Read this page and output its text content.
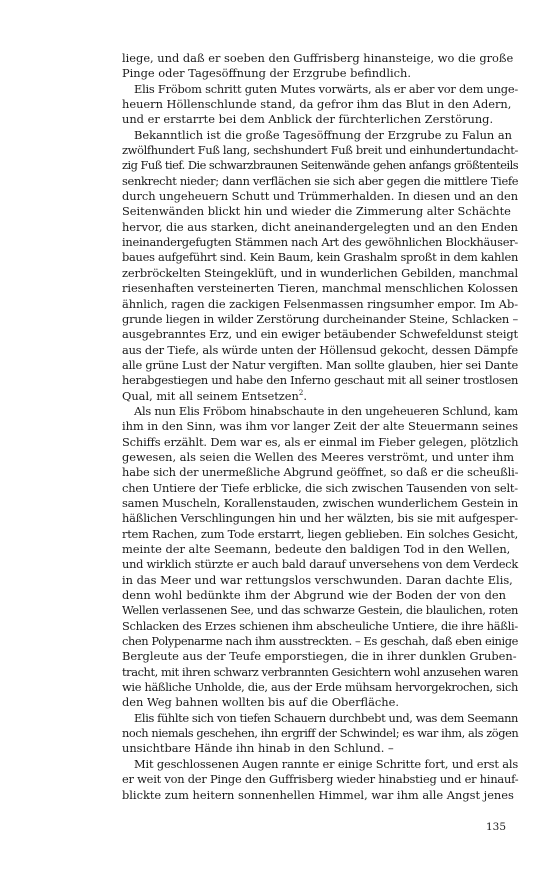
liege, und daß er soeben den Guffrisberg hinansteige, wo die große
Pinge oder Tagesöffnung der Erzgrube befindlich.
Elis Fröbom schritt guten Mutes vorwärts, als er aber vor dem unge-
heuern Höllenschlunde stand, da gefror ihm das Blut in den Adern,
und er erstarrte bei dem Anblick der fürchterlichen Zerstörung.
Bekanntlich ist die große Tagesöffnung der Erzgrube zu Falun an
zwölfhundert Fuß lang, sechshundert Fuß breit und einhundertundacht-
zig Fuß tief. Die schwarzbraunen Seitenwände gehen anfangs größtenteils
senkrecht nieder; dann verflächen sie sich aber gegen die mittlere Tiefe
durch ungeheuern Schutt und Trümmerhalden. In diesen und an den
Seitenwänden blickt hin und wieder die Zimmerung alter Schächte
hervor, die aus starken, dicht aneinandergelegten und an den Enden
ineinandergefugten Stämmen nach Art des gewöhnlichen Blockhäuser-
baues aufgeführt sind. Kein Baum, kein Grashalm sproßt in dem kahlen
zerbröckelten Steingeklüft, und in wunderlichen Gebilden, manchmal
riesenhaften versteinerten Tieren, manchmal menschlichen Kolossen
ähnlich, ragen die zackigen Felsenmassen ringsumher empor. Im Ab-
grunde liegen in wilder Zerstörung durcheinander Steine, Schlacken –
ausgebranntes Erz, und ein ewiger betäubender Schwefeldunst steigt
aus der Tiefe, als würde unten der Höllensud gekocht, dessen Dämpfe
alle grüne Lust der Natur vergiften. Man sollte glauben, hier sei Dante
herabgestiegen und habe den Inferno geschaut mit all seiner trostlosen
Qual, mit all seinem Entsetzen$^2$.
Als nun Elis Fröbom hinabschaute in den ungeheueren Schlund, kam
ihm in den Sinn, was ihm vor langer Zeit der alte Steuermann seines
Schiffs erzählt. Dem war es, als er einmal im Fieber gelegen, plötzlich
gewesen, als seien die Wellen des Meeres verströmt, und unter ihm
habe sich der unermeßliche Abgrund geöffnet, so daß er die scheußli-
chen Untiere der Tiefe erblicke, die sich zwischen Tausenden von selt-
samen Muscheln, Korallenstauden, zwischen wunderlichem Gestein in
häßlichen Verschlingungen hin und her wälzten, bis sie mit aufgesper-
rtem Rachen, zum Tode erstarrt, liegen geblieben. Ein solches Gesicht,
meinte der alte Seemann, bedeute den baldigen Tod in den Wellen,
und wirklich stürzte er auch bald darauf unversehens von dem Verdeck
in das Meer und war rettungslos verschwunden. Daran dachte Elis,
denn wohl bedünkte ihm der Abgrund wie der Boden der von den
Wellen verlassenen See, und das schwarze Gestein, die blaulichen, roten
Schlacken des Erzes schienen ihm abscheuliche Untiere, die ihre häßli-
chen Polypenarme nach ihm ausstreckten. – Es geschah, daß eben einige
Bergleute aus der Teufe emporstiegen, die in ihrer dunklen Gruben-
tracht, mit ihren schwarz verbrannten Gesichtern wohl anzusehen waren
wie häßliche Unholde, die, aus der Erde mühsam hervorgekrochen, sich
den Weg bahnen wollten bis auf die Oberfläche.
Elis fühlte sich von tiefen Schauern durchbebt und, was dem Seemann
noch niemals geschehen, ihn ergriff der Schwindel; es war ihm, als zögen
unsichtbare Hände ihn hinab in den Schlund. –
Mit geschlossenen Augen rannte er einige Schritte fort, und erst als
er weit von der Pinge den Guffrisberg wieder hinabstieg und er hinauf-
blickte zum heitern sonnenhellen Himmel, war ihm alle Angst jenes
135
